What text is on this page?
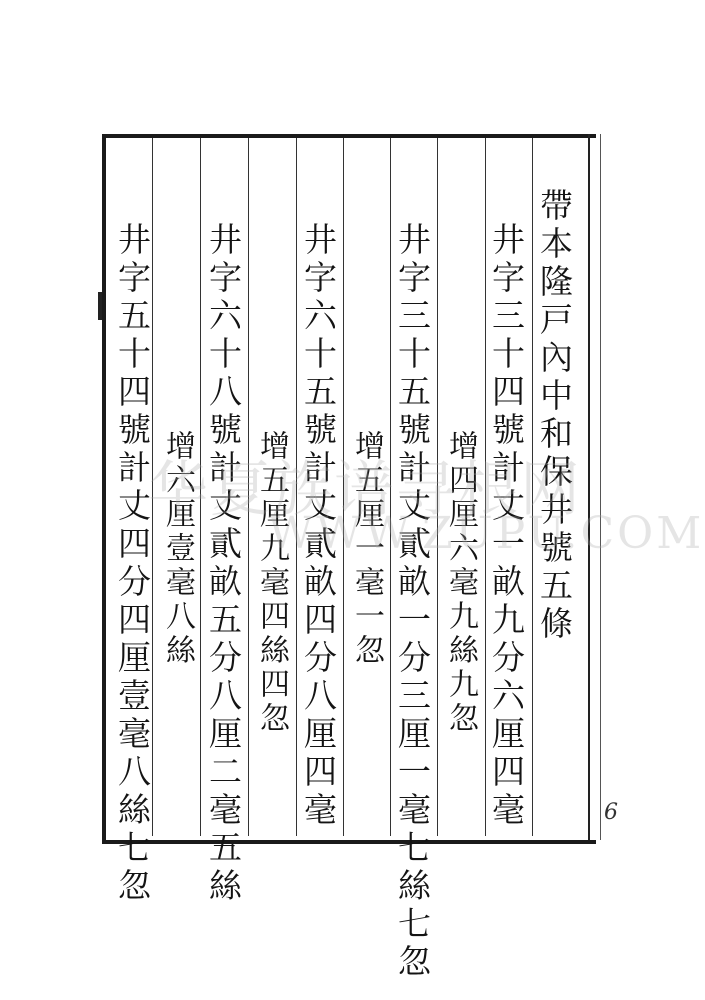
帶本隆戸內中和保井號五條
井字三十四號計丈一畝九分六厘四毫
增四厘六毫九絲九忽
井字三十五號計丈貳畝一分三厘一毫七絲七忽
增五厘一毫一忽
井字六十五號計丈貳畝四分八厘四毫
增五厘九毫四絲四忽
井字六十八號計丈貳畝五分八厘二毫五絲
增六厘壹毫八絲
井字五十四號計丈四分四厘壹毫八絲七忽
华夏族谱寻根网
WWW.ZUPU.COM
6
